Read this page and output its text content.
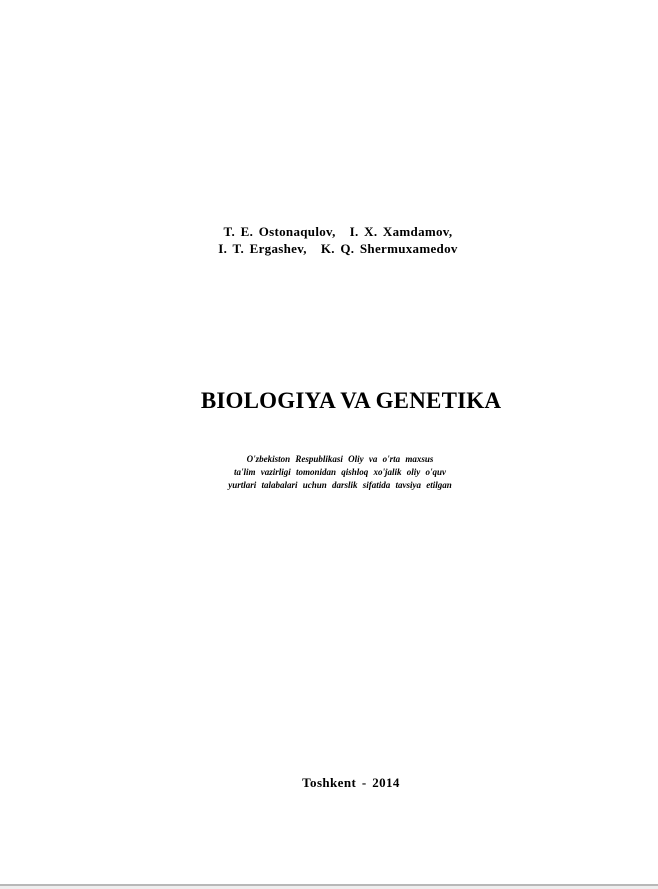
T. E. Ostonaqulov, I. X. Xamdamov,
I. T. Ergashev, K. Q. Shermuxamedov
BIOLOGIYA VA GENETIKA
O'zbekiston Respublikasi Oliy va o'rta maxsus
ta'lim vazirligi tomonidan qishloq xo'jalik oliy o'quv
yurtlari talabalari uchun darslik sifatida tavsiya etilgan
Toshkent - 2014
